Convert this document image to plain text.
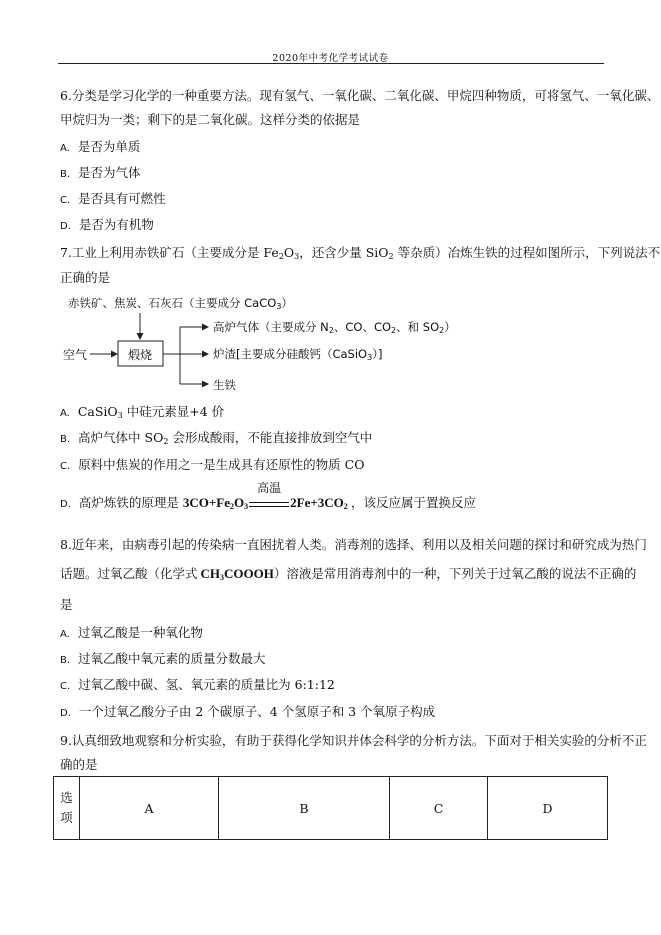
2020年中考化学考试试卷
6.分类是学习化学的一种重要方法。现有氢气、一氧化碳、二氧化碳、甲烷四种物质，可将氢气、一氧化碳、
甲烷归为一类；剩下的是二氧化碳。这样分类的依据是
A. 是否为单质
B. 是否为气体
C. 是否具有可燃性
D. 是否为有机物
7.工业上利用赤铁矿石（主要成分是 $Fe_2O_3$，还含少量 SiO$_2$ 等杂质）冶炼生铁的过程如图所示，下列说法不
正确的是
赤铁矿、焦炭、石灰石（主要成分 CaCO$_3$）
空气	煅烧
高炉气体（主要成分 $N_2$、CO、$CO_2$、和 $SO_2$）
炉渣[主要成分硅酸钙（CaSiO$_3$）]
生铁
A. CaSiO$_3$ 中硅元素显+4 价
B. 高炉气体中 $SO_2$ 会形成酸雨，不能直接排放到空气中
C. 原料中焦炭的作用之一是生成具有还原性的物质 CO
D. 高炉炼铁的原理是 $3CO+Fe_2O_3$
高温
$2Fe+3CO_2$ ，该反应属于置换反应
8.近年来，由病毒引起的传染病一直困扰着人类。消毒剂的选择、利用以及相关问题的探讨和研究成为热门
话题。过氧乙酸（化学式 $CH_3COOOH$）溶液是常用消毒剂中的一种，下列关于过氧乙酸的说法不正确的
是
A. 过氧乙酸是一种氧化物
B. 过氧乙酸中氧元素的质量分数最大
C. 过氧乙酸中碳、氢、氧元素的质量比为 6:1:12
D. 一个过氧乙酸分子由 2 个碳原子、4 个氢原子和 3 个氧原子构成
9.认真细致地观察和分析实验，有助于获得化学知识并体会科学的分析方法。下面对于相关实验的分析不正
确的是
选
项
	A	B	C	D
